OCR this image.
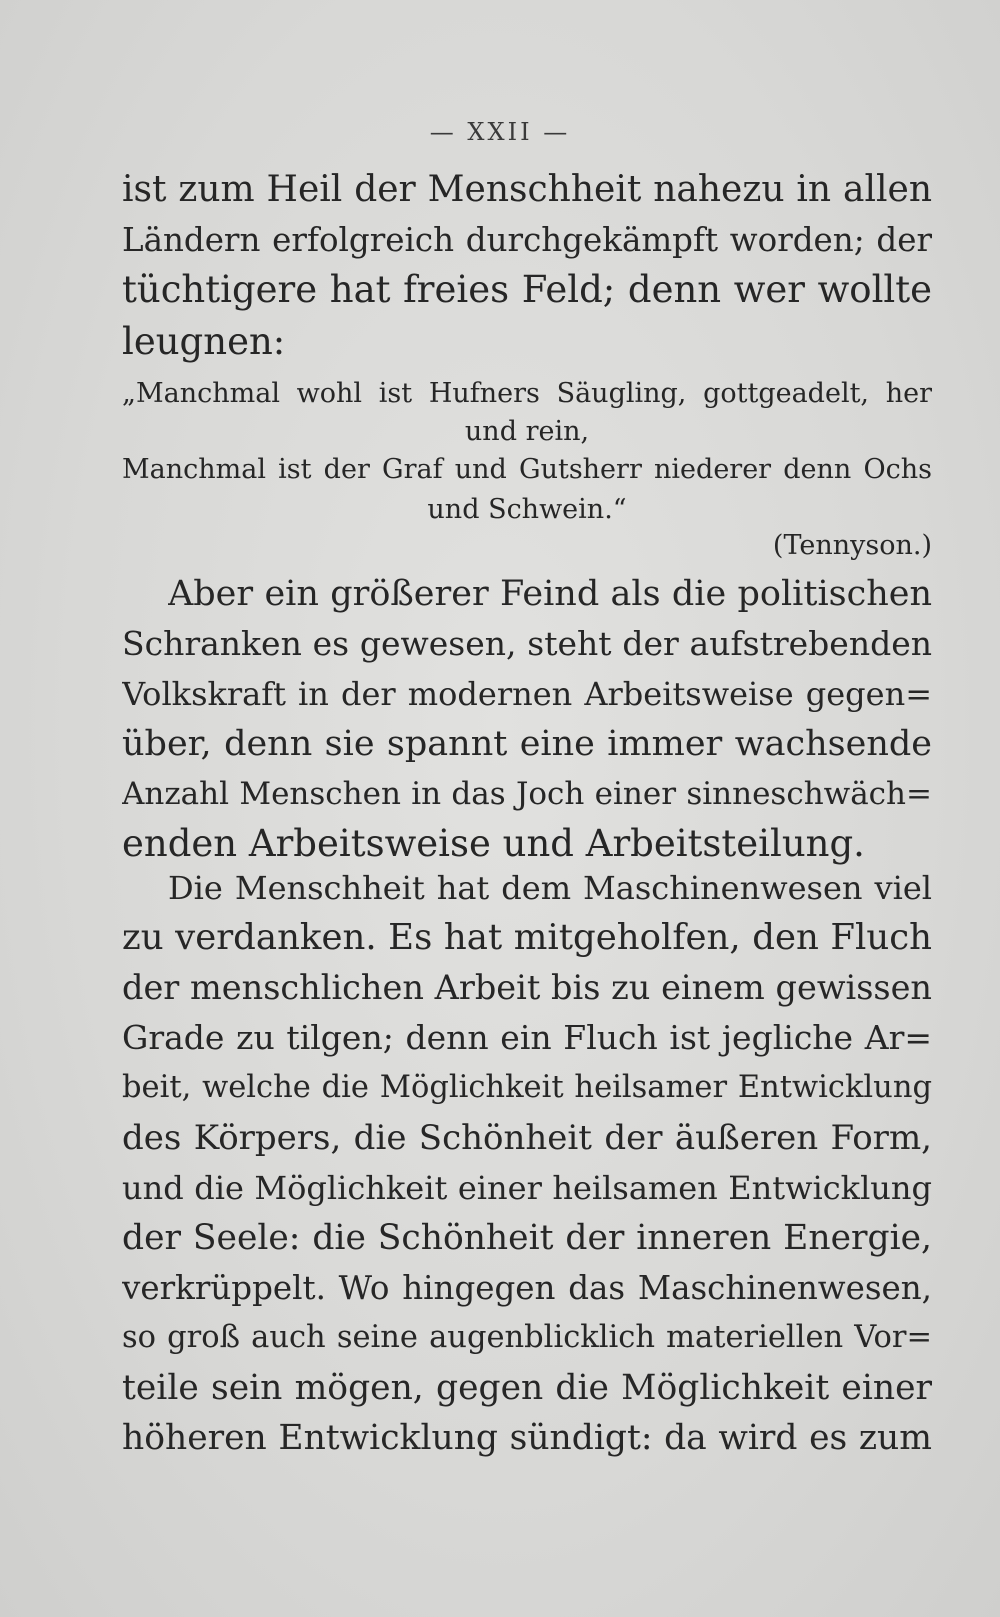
— XXII —
ist zum Heil der Menschheit nahezu in allen
Ländern erfolgreich durchgekämpft worden; der
tüchtigere hat freies Feld; denn wer wollte
leugnen:
„Manchmal wohl ist Hufners Säugling, gottgeadelt, her
und rein,
Manchmal ist der Graf und Gutsherr niederer denn Ochs
und Schwein.“
(Tennyson.)
Aber ein größerer Feind als die politischen
Schranken es gewesen, steht der aufstrebenden
Volkskraft in der modernen Arbeitsweise gegen=
über, denn sie spannt eine immer wachsende
Anzahl Menschen in das Joch einer sinneschwäch=
enden Arbeitsweise und Arbeitsteilung.
Die Menschheit hat dem Maschinenwesen viel
zu verdanken. Es hat mitgeholfen, den Fluch
der menschlichen Arbeit bis zu einem gewissen
Grade zu tilgen; denn ein Fluch ist jegliche Ar=
beit, welche die Möglichkeit heilsamer Entwicklung
des Körpers, die Schönheit der äußeren Form,
und die Möglichkeit einer heilsamen Entwicklung
der Seele: die Schönheit der inneren Energie,
verkrüppelt. Wo hingegen das Maschinenwesen,
so groß auch seine augenblicklich materiellen Vor=
teile sein mögen, gegen die Möglichkeit einer
höheren Entwicklung sündigt: da wird es zum
